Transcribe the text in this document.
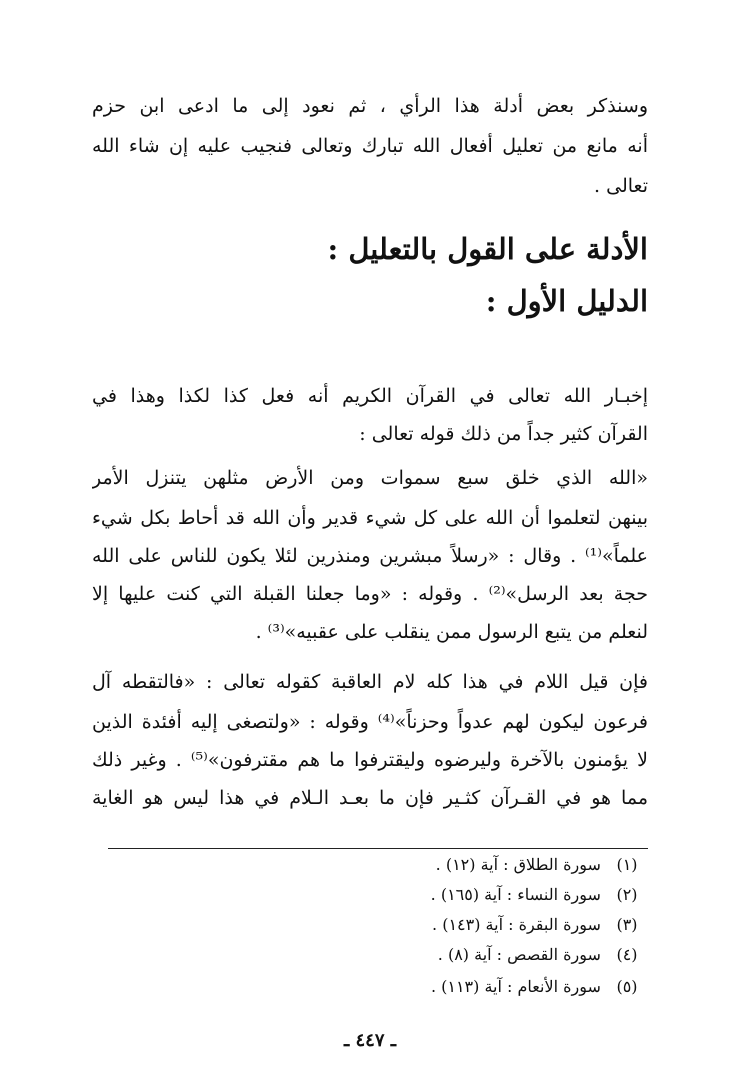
وسنذكر بعض أدلة هذا الرأي ، ثم نعود إلى ما ادعى ابن حزم
أنه مانع من تعليل أفعال الله تبارك وتعالى فنجيب عليه إن شاء الله
تعالى .
الأدلة على القول بالتعليل :
الدليل الأول :
إخبـار الله تعالى في القرآن الكريم أنه فعل كذا لكذا وهذا في
القرآن كثير جداً من ذلك قوله تعالى :
«الله الذي خلق سبع سموات ومن الأرض مثلهن يتنزل الأمر
بينهن لتعلموا أن الله على كل شيء قدير وأن الله قد أحاط بكل شيء
علماً»⁽¹⁾ . وقال : «رسلاً مبشرين ومنذرين لئلا يكون للناس على الله
حجة بعد الرسل»⁽²⁾ . وقوله : «وما جعلنا القبلة التي كنت عليها إلا
لنعلم من يتبع الرسول ممن ينقلب على عقبيه»⁽³⁾ .
فإن قيل اللام في هذا كله لام العاقبة كقوله تعالى : «فالتقطه آل
فرعون ليكون لهم عدواً وحزناً»⁽⁴⁾ وقوله : «ولتصغى إليه أفئدة الذين
لا يؤمنون بالآخرة وليرضوه وليقترفوا ما هم مقترفون»⁽⁵⁾ . وغير ذلك
مما هو في القـرآن كثـير فإن ما بعـد الـلام في هذا ليس هو الغاية
(١) سورة الطلاق : آية (١٢) .
(٢) سورة النساء : آية (١٦٥) .
(٣) سورة البقرة : آية (١٤٣) .
(٤) سورة القصص : آية (٨) .
(٥) سورة الأنعام : آية (١١٣) .
ـ ٤٤٧ ـ
